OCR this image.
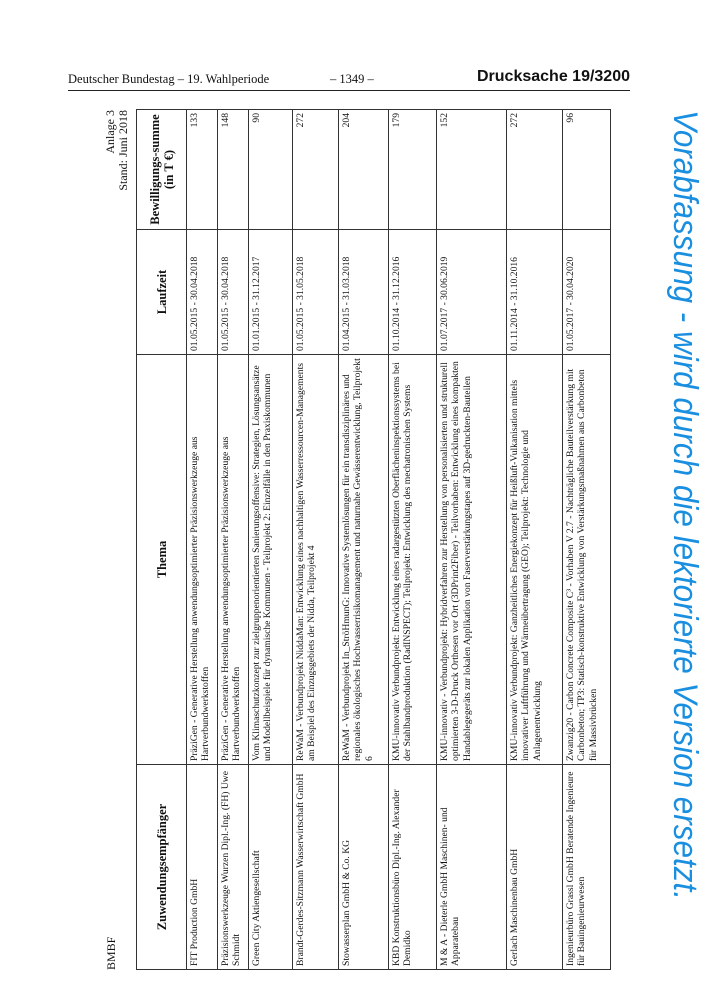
Deutscher Bundestag – 19. Wahlperiode	– 1349 –	Drucksache 19/3200
BMBF
Anlage 3 Stand: Juni 2018
Zuwendungsempfänger	Thema	Laufzeit	Bewilligungs-summe (in T €)
FIT Production GmbH	PräziGen - Generative Herstellung anwendungsoptimierter Präzisionswerkzeuge aus Hartverbundwerkstoffen	01.05.2015 - 30.04.2018	133
Präzisionswerkzeuge Wurzen Dipl.-Ing. (FH) Uwe Schmidt	PräziGen - Generative Herstellung anwendungsoptimierter Präzisionswerkzeuge aus Hartverbundwerkstoffen	01.05.2015 - 30.04.2018	148
Green City Aktiengesellschaft	Vom Klimaschutzkonzept zur zielgruppenorientierten Sanierungsoffensive: Strategien, Lösungsansätze und Modellbeispiele für dynamische Kommunen - Teilprojekt 2: Einzelfälle in den Praxiskommunen	01.01.2015 - 31.12.2017	90
Brandt-Gerdes-Sitzmann Wasserwirtschaft GmbH	ReWaM - Verbundprojekt NiddaMan: Entwicklung eines nachhaltigen Wasserressourcen-Managements am Beispiel des Einzugsgebiets der Nidda, Teilprojekt 4	01.05.2015 - 31.05.2018	272
Stowasserplan GmbH & Co. KG	ReWaM - Verbundprojekt In_StröHmunG: Innovative Systemlösungen für ein transdisziplinäres und regionales ökologisches Hochwasserrisikomanagement und naturnahe Gewässerentwicklung, Teilprojekt 6	01.04.2015 - 31.03.2018	204
KBD Konstruktionsbüro Dipl.-Ing. Alexander Demidko	KMU-innovativ Verbundprojekt: Entwicklung eines radargestützten Oberflächeninspektionssystems bei der Stahlbandproduktion (RadINSPECT); Teilprojekt: Entwicklung des mechatronischen Systems	01.10.2014 - 31.12.2016	179
M & A - Dieterle GmbH Maschinen- und Apparatebau	KMU-innovativ - Verbundprojekt: Hybridverfahren zur Herstellung von personalisierten und strukturell optimierten 3-D-Druck Orthesen vor Ort (3DPrint2Fiber) - Teilvorhaben: Entwicklung eines kompakten Handablegegeräts zur lokalen Applikation von Faserverstärkungstapes auf 3D-gedruckten-Bauteilen	01.07.2017 - 30.06.2019	152
Gerlach Maschinenbau GmbH	KMU-innovativ Verbundprojekt: Ganzheitliches Energiekonzept für Heißluft-Vulkanisation mittels innovativer Luftführung und Wärmeübertragung (GEO); Teilprojekt: Technologie und Anlagenentwicklung	01.11.2014 - 31.10.2016	272
Ingenieurbüro Grassl GmbH Beratende Ingenieure für Bauingenieurwesen	Zwanzig20 - Carbon Concrete Composite C³ - Vorhaben V 2.7 - Nachträgliche Bauteilverstärkung mit Carbonbeton; TP3: Statisch-konstruktive Entwicklung von Verstärkungsmaßnahmen aus Carbonbeton für Massivbrücken	01.05.2017 - 30.04.2020	96	Vorabfassung - wird durch die lektorierte Version ersetzt.
